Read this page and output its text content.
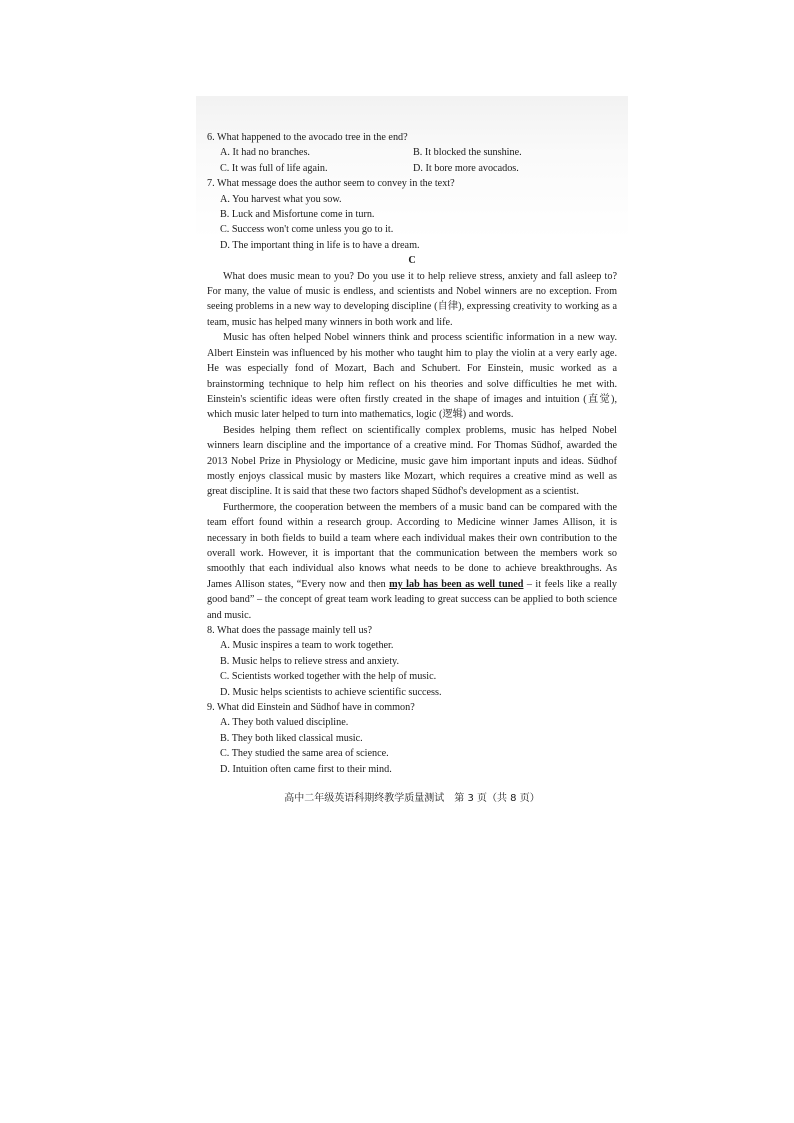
6. What happened to the avocado tree in the end?

A. It had no branches.	B. It blocked the sunshine.
C. It was full of life again.	D. It bore more avocados.

7. What message does the author seem to convey in the text?

A. You harvest what you sow.
B. Luck and Misfortune come in turn.
C. Success won't come unless you go to it.
D. The important thing in life is to have a dream.

C

What does music mean to you? Do you use it to help relieve stress, anxiety and fall asleep to? For many, the value of music is endless, and scientists and Nobel winners are no exception. From seeing problems in a new way to developing discipline (自律), expressing creativity to working as a team, music has helped many winners in both work and life.

Music has often helped Nobel winners think and process scientific information in a new way. Albert Einstein was influenced by his mother who taught him to play the violin at a very early age. He was especially fond of Mozart, Bach and Schubert. For Einstein, music worked as a brainstorming technique to help him reflect on his theories and solve difficulties he met with. Einstein's scientific ideas were often firstly created in the shape of images and intuition (直觉), which music later helped to turn into mathematics, logic (逻辑) and words.

Besides helping them reflect on scientifically complex problems, music has helped Nobel winners learn discipline and the importance of a creative mind. For Thomas Südhof, awarded the 2013 Nobel Prize in Physiology or Medicine, music gave him important inputs and ideas. Südhof mostly enjoys classical music by masters like Mozart, which requires a creative mind as well as great discipline. It is said that these two factors shaped Südhof's development as a scientist.

Furthermore, the cooperation between the members of a music band can be compared with the team effort found within a research group. According to Medicine winner James Allison, it is necessary in both fields to build a team where each individual makes their own contribution to the overall work. However, it is important that the communication between the members work so smoothly that each individual also knows what needs to be done to achieve breakthroughs. As James Allison states, “Every now and then my lab has been as well tuned – it feels like a really good band” – the concept of great team work leading to great success can be applied to both science and music.

8. What does the passage mainly tell us?

A. Music inspires a team to work together.
B. Music helps to relieve stress and anxiety.
C. Scientists worked together with the help of music.
D. Music helps scientists to achieve scientific success.

9. What did Einstein and Südhof have in common?

A. They both valued discipline.
B. They both liked classical music.
C. They studied the same area of science.
D. Intuition often came first to their mind.
高中二年级英语科期终教学质量测试　第 3 页（共 8 页）
